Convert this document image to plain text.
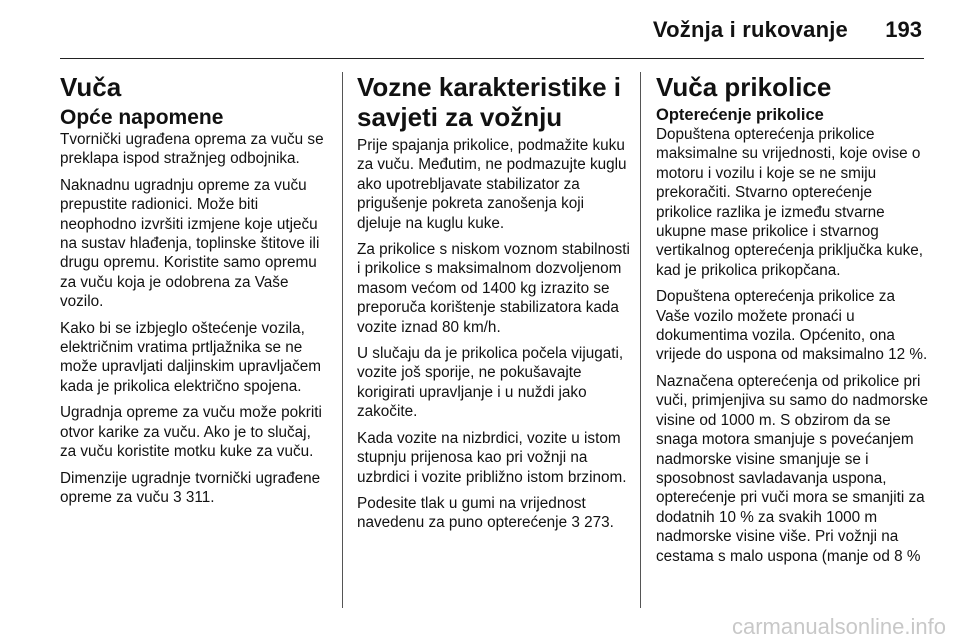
Vožnja i rukovanje 193
Vuča
Opće napomene

Tvornički ugrađena oprema za vuču se preklapa ispod stražnjeg odbojnika.

Naknadnu ugradnju opreme za vuču prepustite radionici. Može biti neophodno izvršiti izmjene koje utječu na sustav hlađenja, toplinske štitove ili drugu opremu. Koristite samo opremu za vuču koja je odobrena za Vaše vozilo.

Kako bi se izbjeglo oštećenje vozila, električnim vratima prtljažnika se ne može upravljati daljinskim upravljačem kada je prikolica električno spojena.

Ugradnja opreme za vuču može pokriti otvor karike za vuču. Ako je to slučaj, za vuču koristite motku kuke za vuču.

Dimenzije ugradnje tvornički ugrađene opreme za vuču 3 311.

Vozne karakteristike i savjeti za vožnju

Prije spajanja prikolice, podmažite kuku za vuču. Međutim, ne podmazujte kuglu ako upotrebljavate stabilizator za prigušenje pokreta zanošenja koji djeluje na kuglu kuke.

Za prikolice s niskom voznom stabilnosti i prikolice s maksimalnom dozvoljenom masom većom od 1400 kg izrazito se preporuča korištenje stabilizatora kada vozite iznad 80 km/h.

U slučaju da je prikolica počela vijugati, vozite još sporije, ne pokušavajte korigirati upravljanje i u nuždi jako zakočite.

Kada vozite na nizbrdici, vozite u istom stupnju prijenosa kao pri vožnji na uzbrdici i vozite približno istom brzinom.

Podesite tlak u gumi na vrijednost navedenu za puno opterećenje 3 273.

Vuča prikolice
Opterećenje prikolice

Dopuštena opterećenja prikolice maksimalne su vrijednosti, koje ovise o motoru i vozilu i koje se ne smiju prekoračiti. Stvarno opterećenje prikolice razlika je između stvarne ukupne mase prikolice i stvarnog vertikalnog opterećenja priključka kuke, kad je prikolica prikopčana.

Dopuštena opterećenja prikolice za Vaše vozilo možete pronaći u dokumentima vozila. Općenito, ona vrijede do uspona od maksimalno 12 %.

Naznačena opterećenja od prikolice pri vuči, primjenjiva su samo do nadmorske visine od 1000 m. S obzirom da se snaga motora smanjuje s povećanjem nadmorske visine smanjuje se i sposobnost savladavanja uspona, opterećenje pri vuči mora se smanjiti za dodatnih 10 % za svakih 1000 m nadmorske visine više. Pri vožnji na cestama s malo uspona (manje od 8 %

carmanualsonline.info
